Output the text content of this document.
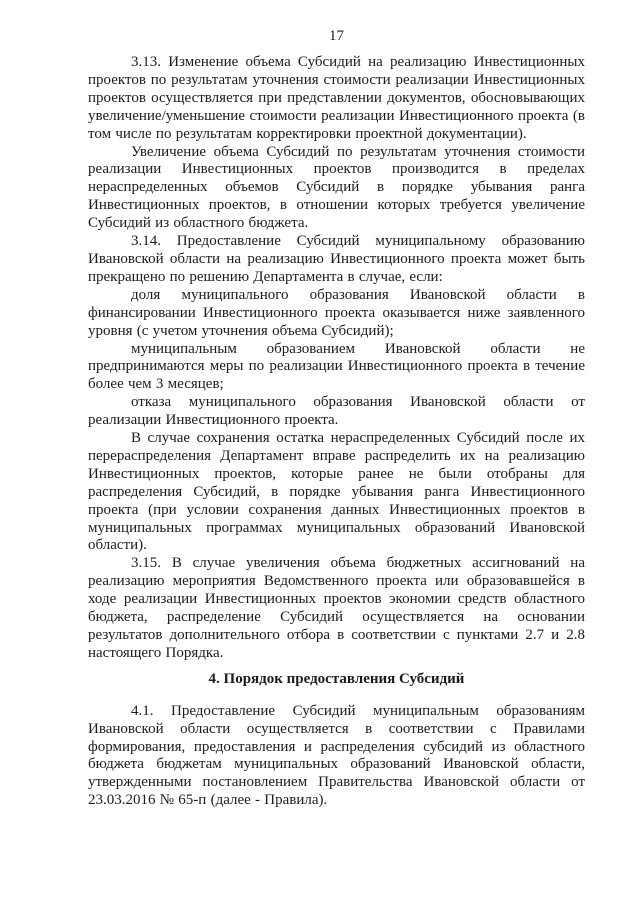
17

3.13. Изменение объема Субсидий на реализацию Инвестиционных проектов по результатам уточнения стоимости реализации Инвестиционных проектов осуществляется при представлении документов, обосновывающих увеличение/уменьшение стоимости реализации Инвестиционного проекта (в том числе по результатам корректировки проектной документации).

Увеличение объема Субсидий по результатам уточнения стоимости реализации Инвестиционных проектов производится в пределах нераспределенных объемов Субсидий в порядке убывания ранга Инвестиционных проектов, в отношении которых требуется увеличение Субсидий из областного бюджета.

3.14. Предоставление Субсидий муниципальному образованию Ивановской области на реализацию Инвестиционного проекта может быть прекращено по решению Департамента в случае, если:

доля муниципального образования Ивановской области в финансировании Инвестиционного проекта оказывается ниже заявленного уровня (с учетом уточнения объема Субсидий);

муниципальным образованием Ивановской области не предпринимаются меры по реализации Инвестиционного проекта в течение более чем 3 месяцев;

отказа муниципального образования Ивановской области от реализации Инвестиционного проекта.

В случае сохранения остатка нераспределенных Субсидий после их перераспределения Департамент вправе распределить их на реализацию Инвестиционных проектов, которые ранее не были отобраны для распределения Субсидий, в порядке убывания ранга Инвестиционного проекта (при условии сохранения данных Инвестиционных проектов в муниципальных программах муниципальных образований Ивановской области).

3.15. В случае увеличения объема бюджетных ассигнований на реализацию мероприятия Ведомственного проекта или образовавшейся в ходе реализации Инвестиционных проектов экономии средств областного бюджета, распределение Субсидий осуществляется на основании результатов дополнительного отбора в соответствии с пунктами 2.7 и 2.8 настоящего Порядка.

4. Порядок предоставления Субсидий

4.1. Предоставление Субсидий муниципальным образованиям Ивановской области осуществляется в соответствии с Правилами формирования, предоставления и распределения субсидий из областного бюджета бюджетам муниципальных образований Ивановской области, утвержденными постановлением Правительства Ивановской области от 23.03.2016 № 65-п (далее - Правила).
